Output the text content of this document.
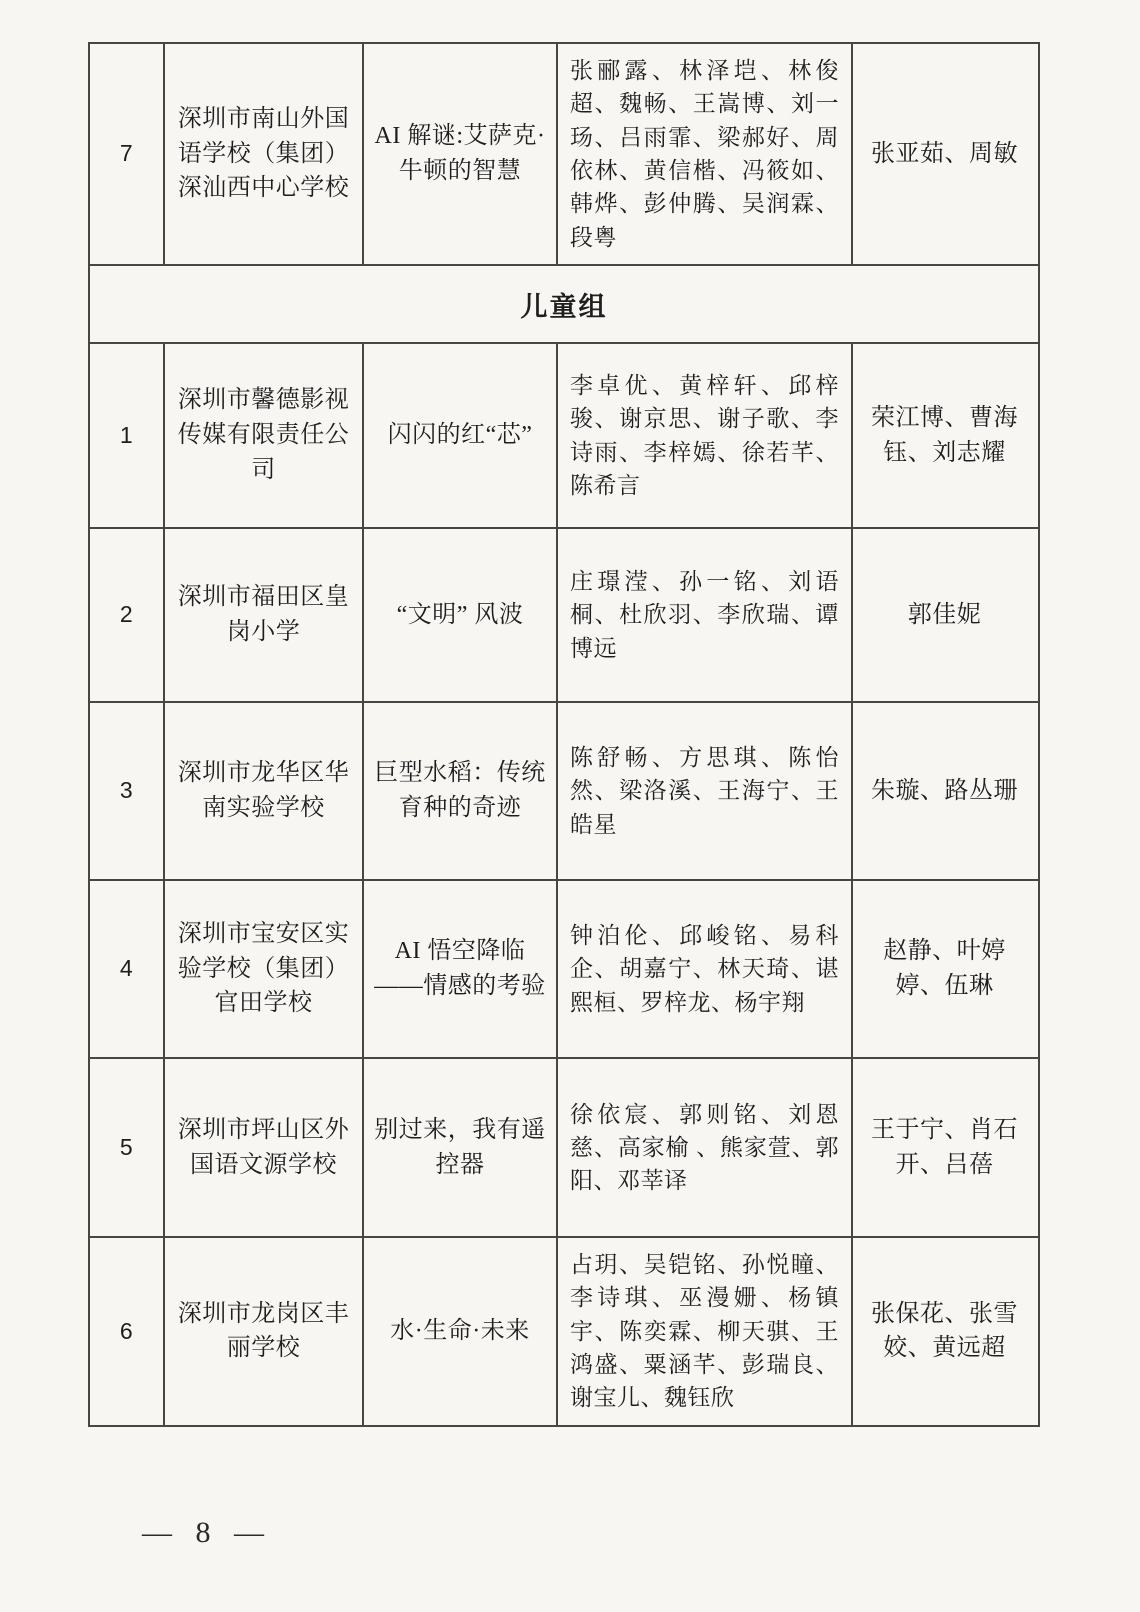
7
深圳市南山外国语学校（集团）深汕西中心学校
AI 解谜:艾萨克·牛顿的智慧
张郦露、林泽垲、林俊超、魏畅、王嵩博、刘一玚、吕雨霏、梁郝好、周依林、黄信楷、冯筱如、韩烨、彭仲腾、吴润霖、段粤
张亚茹、周敏
儿童组
1
深圳市馨德影视传媒有限责任公司
闪闪的红“芯”
李卓优、黄梓轩、邱梓骏、谢京思、谢子歌、李诗雨、李梓嫣、徐若芊、陈希言
荣江博、曹海钰、刘志耀
2
深圳市福田区皇岗小学
“文明” 风波
庄璟滢、孙一铭、刘语桐、杜欣羽、李欣瑞、谭博远
郭佳妮
3
深圳市龙华区华南实验学校
巨型水稻：传统育种的奇迹
陈舒畅、方思琪、陈怡然、梁洛溪、王海宁、王皓星
朱璇、路丛珊
4
深圳市宝安区实验学校（集团）官田学校
AI 悟空降临——情感的考验
钟泊伦、邱峻铭、易科企、胡嘉宁、林天琦、谌熙桓、罗梓龙、杨宇翔
赵静、叶婷婷、伍琳
5
深圳市坪山区外国语文源学校
别过来，我有遥控器
徐依宸、郭则铭、刘恩慈、高家榆 、熊家萱、郭阳、邓莘译
王于宁、肖石开、吕蓓
6
深圳市龙岗区丰丽学校
水·生命·未来
占玥、吴铠铭、孙悦瞳、李诗琪、巫漫姗、杨镇宇、陈奕霖、柳天骐、王鸿盛、粟涵芊、彭瑞良、谢宝儿、魏钰欣
张保花、张雪姣、黄远超
— 8 —
